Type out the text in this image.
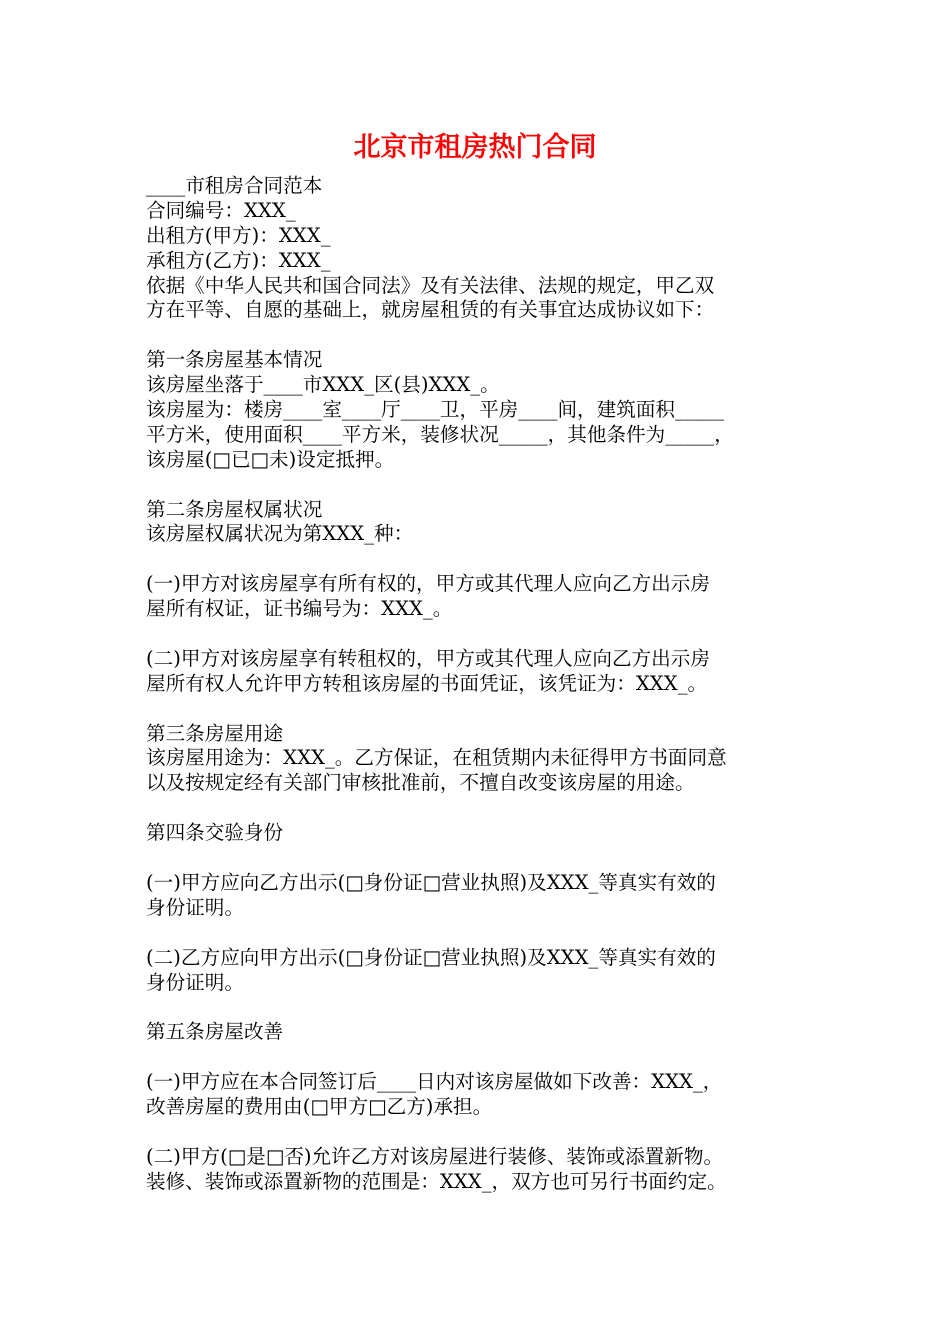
北京市租房热门合同
____市租房合同范本
合同编号：XXX_
出租方(甲方)：XXX_
承租方(乙方)：XXX_
依据《中华人民共和国合同法》及有关法律、法规的规定，甲乙双
方在平等、自愿的基础上，就房屋租赁的有关事宜达成协议如下：
第一条房屋基本情况
该房屋坐落于____市XXX_区(县)XXX_。
该房屋为：楼房____室____厅____卫，平房____间，建筑面积_____
平方米，使用面积____平方米，装修状况_____，其他条件为_____，
该房屋(□已□未)设定抵押。
第二条房屋权属状况
该房屋权属状况为第XXX_种：
(一)甲方对该房屋享有所有权的，甲方或其代理人应向乙方出示房
屋所有权证，证书编号为：XXX_。
(二)甲方对该房屋享有转租权的，甲方或其代理人应向乙方出示房
屋所有权人允许甲方转租该房屋的书面凭证，该凭证为：XXX_。
第三条房屋用途
该房屋用途为：XXX_。乙方保证，在租赁期内未征得甲方书面同意
以及按规定经有关部门审核批准前，不擅自改变该房屋的用途。
第四条交验身份
(一)甲方应向乙方出示(□身份证□营业执照)及XXX_等真实有效的
身份证明。
(二)乙方应向甲方出示(□身份证□营业执照)及XXX_等真实有效的
身份证明。
第五条房屋改善
(一)甲方应在本合同签订后____日内对该房屋做如下改善：XXX_，
改善房屋的费用由(□甲方□乙方)承担。
(二)甲方(□是□否)允许乙方对该房屋进行装修、装饰或添置新物。
装修、装饰或添置新物的范围是：XXX_，双方也可另行书面约定。
